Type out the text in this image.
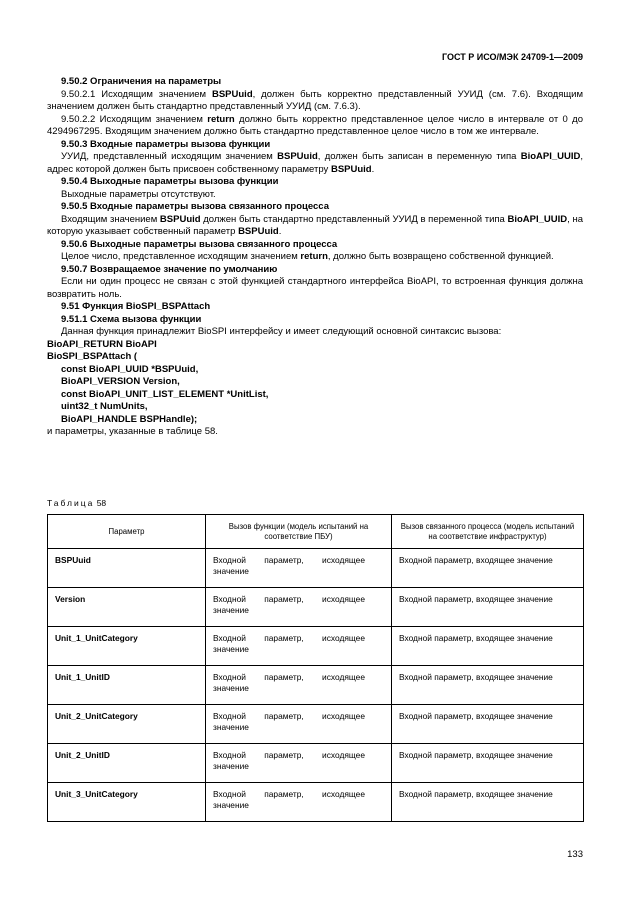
ГОСТ Р ИСО/МЭК 24709-1—2009

9.50.2 Ограничения на параметры

9.50.2.1 Исходящим значением BSPUuid, должен быть корректно представленный УУИД (см. 7.6). Входящим значением должен быть стандартно представленный УУИД (см. 7.6.3).

9.50.2.2 Исходящим значением return должно быть корректно представленное целое число в интервале от 0 до 4294967295. Входящим значением должно быть стандартно представленное целое число в том же интервале.

9.50.3 Входные параметры вызова функции

УУИД, представленный исходящим значением BSPUuid, должен быть записан в переменную типа BioAPI_UUID, адрес которой должен быть присвоен собственному параметру BSPUuid.

9.50.4 Выходные параметры вызова функции

Выходные параметры отсутствуют.

9.50.5 Входные параметры вызова связанного процесса

Входящим значением BSPUuid должен быть стандартно представленный УУИД в переменной типа BioAPI_UUID, на которую указывает собственный параметр BSPUuid.

9.50.6 Выходные параметры вызова связанного процесса

Целое число, представленное исходящим значением return, должно быть возвращено собственной функцией.

9.50.7 Возвращаемое значение по умолчанию

Если ни один процесс не связан с этой функцией стандартного интерфейса BioAPI, то встроенная функция должна возвратить ноль.

9.51 Функция BioSPI_BSPAttach

9.51.1 Схема вызова функции

Данная функция принадлежит BioSPI интерфейсу и имеет следующий основной синтаксис вызова:

BioAPI_RETURN BioAPI
BioSPI_BSPAttach (
const BioAPI_UUID *BSPUuid,
BioAPI_VERSION Version,
const BioAPI_UNIT_LIST_ELEMENT *UnitList,
uint32_t NumUnits,
BioAPI_HANDLE BSPHandle);

и параметры, указанные в таблице 58.

Таблица 58

Параметр	Вызов функции (модель испытаний на соответствие ПБУ)	Вызов связанного процесса (модель испытаний на соответствие инфраструктур)
BSPUuid	Входной параметр, исходящее значение	Входной параметр, входящее значение
Version	Входной параметр, исходящее значение	Входной параметр, входящее значение
Unit_1_UnitCategory	Входной параметр, исходящее значение	Входной параметр, входящее значение
Unit_1_UnitID	Входной параметр, исходящее значение	Входной параметр, входящее значение
Unit_2_UnitCategory	Входной параметр, исходящее значение	Входной параметр, входящее значение
Unit_2_UnitID	Входной параметр, исходящее значение	Входной параметр, входящее значение
Unit_3_UnitCategory	Входной параметр, исходящее значение	Входной параметр, входящее значение
133
